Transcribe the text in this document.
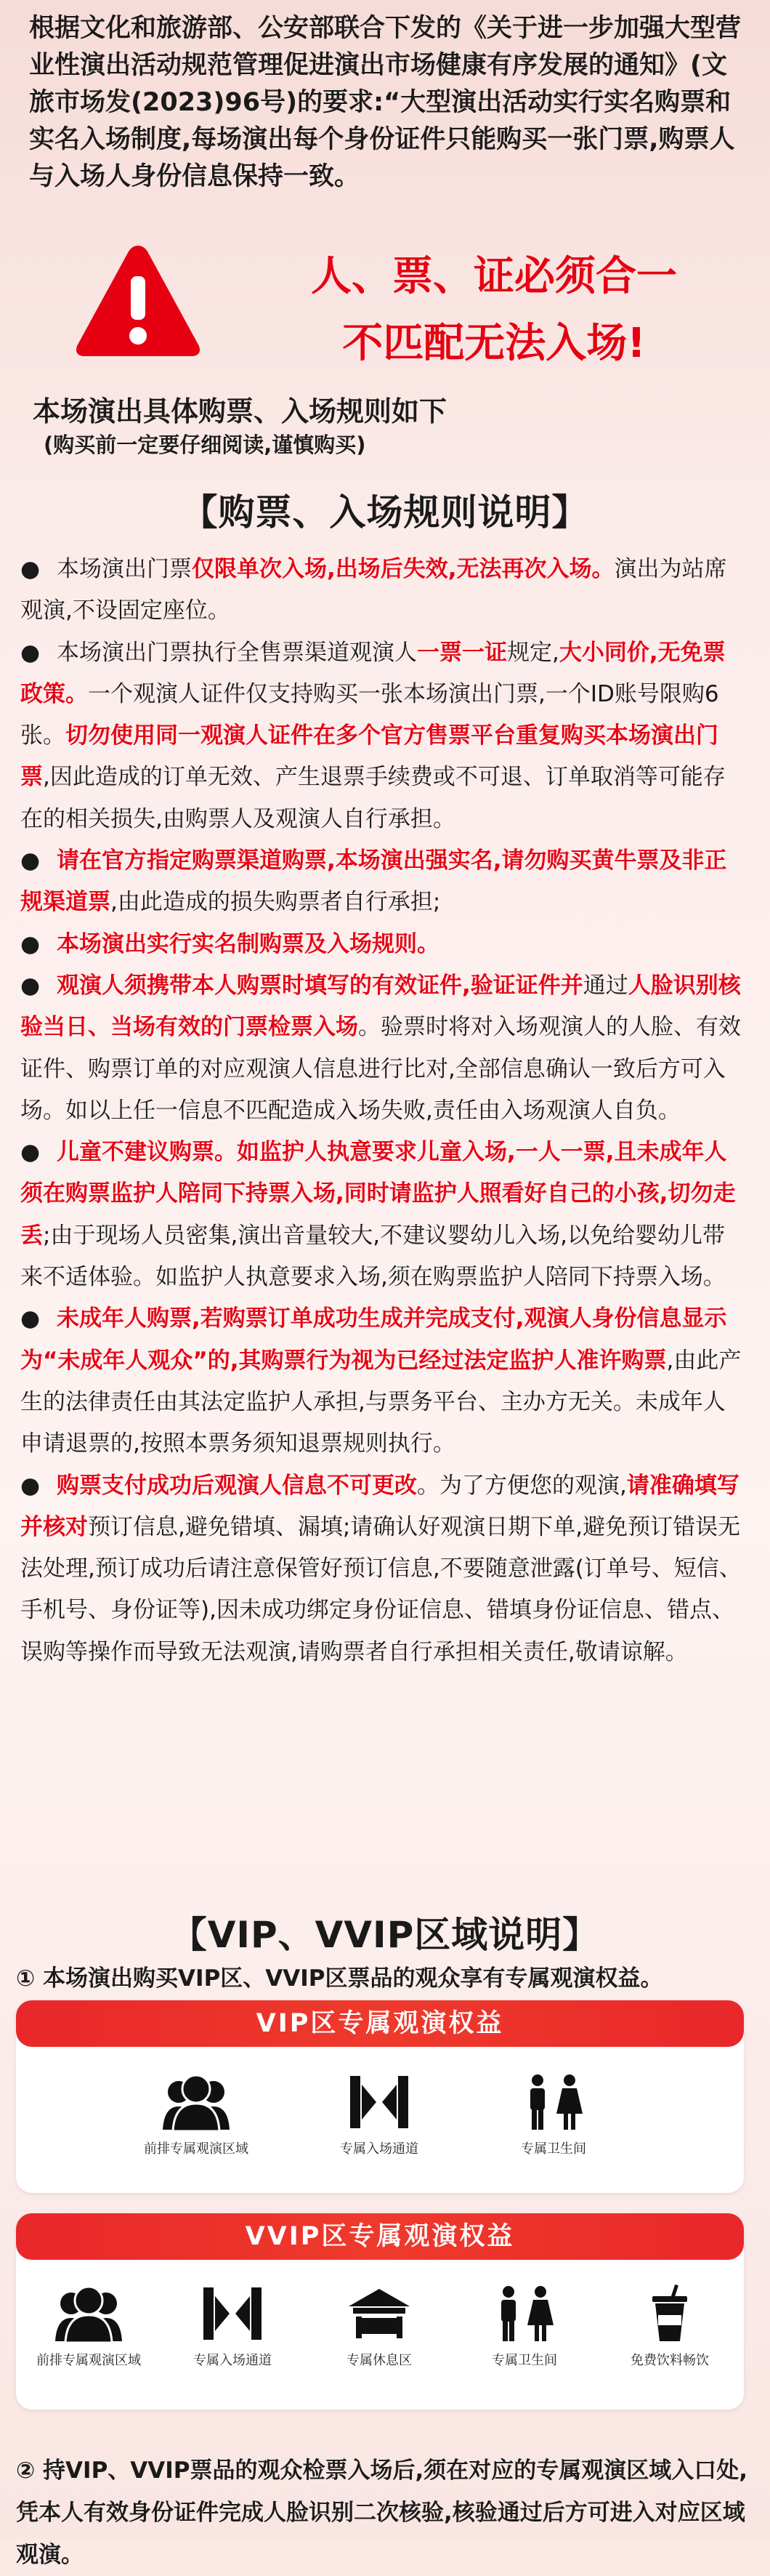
根据文化和旅游部、公安部联合下发的《关于进一步加强大型营业性演出活动规范管理促进演出市场健康有序发展的通知》(文旅市场发(2023)96号)的要求:“大型演出活动实行实名购票和实名入场制度,每场演出每个身份证件只能购买一张门票,购票人与入场人身份信息保持一致。
人、票、证必须合一
不匹配无法入场!
本场演出具体购票、入场规则如下
(购买前一定要仔细阅读,谨慎购买)
【购票、入场规则说明】

● 本场演出门票仅限单次入场,出场后失效,无法再次入场。演出为站席观演,不设固定座位。

● 本场演出门票执行全售票渠道观演人一票一证规定,大小同价,无免票政策。一个观演人证件仅支持购买一张本场演出门票,一个ID账号限购6张。切勿使用同一观演人证件在多个官方售票平台重复购买本场演出门票,因此造成的订单无效、产生退票手续费或不可退、订单取消等可能存在的相关损失,由购票人及观演人自行承担。

● 请在官方指定购票渠道购票,本场演出强实名,请勿购买黄牛票及非正规渠道票,由此造成的损失购票者自行承担;

● 本场演出实行实名制购票及入场规则。

● 观演人须携带本人购票时填写的有效证件,验证证件并通过人脸识别核验当日、当场有效的门票检票入场。验票时将对入场观演人的人脸、有效证件、购票订单的对应观演人信息进行比对,全部信息确认一致后方可入场。如以上任一信息不匹配造成入场失败,责任由入场观演人自负。

● 儿童不建议购票。如监护人执意要求儿童入场,一人一票,且未成年人须在购票监护人陪同下持票入场,同时请监护人照看好自己的小孩,切勿走丢;由于现场人员密集,演出音量较大,不建议婴幼儿入场,以免给婴幼儿带来不适体验。如监护人执意要求入场,须在购票监护人陪同下持票入场。

● 未成年人购票,若购票订单成功生成并完成支付,观演人身份信息显示为“未成年人观众”的,其购票行为视为已经过法定监护人准许购票,由此产生的法律责任由其法定监护人承担,与票务平台、主办方无关。未成年人申请退票的,按照本票务须知退票规则执行。

● 购票支付成功后观演人信息不可更改。为了方便您的观演,请准确填写并核对预订信息,避免错填、漏填;请确认好观演日期下单,避免预订错误无法处理,预订成功后请注意保管好预订信息,不要随意泄露(订单号、短信、手机号、身份证等),因未成功绑定身份证信息、错填身份证信息、错点、误购等操作而导致无法观演,请购票者自行承担相关责任,敬请谅解。

【VIP、VVIP区域说明】
① 本场演出购买VIP区、VVIP区票品的观众享有专属观演权益。
VIP区专属观演权益
前排专属观演区域	专属入场通道	专属卫生间
VVIP区专属观演权益
前排专属观演区域	专属入场通道	专属休息区	专属卫生间	免费饮料畅饮
② 持VIP、VVIP票品的观众检票入场后,须在对应的专属观演区域入口处,凭本人有效身份证件完成人脸识别二次核验,核验通过后方可进入对应区域观演。
